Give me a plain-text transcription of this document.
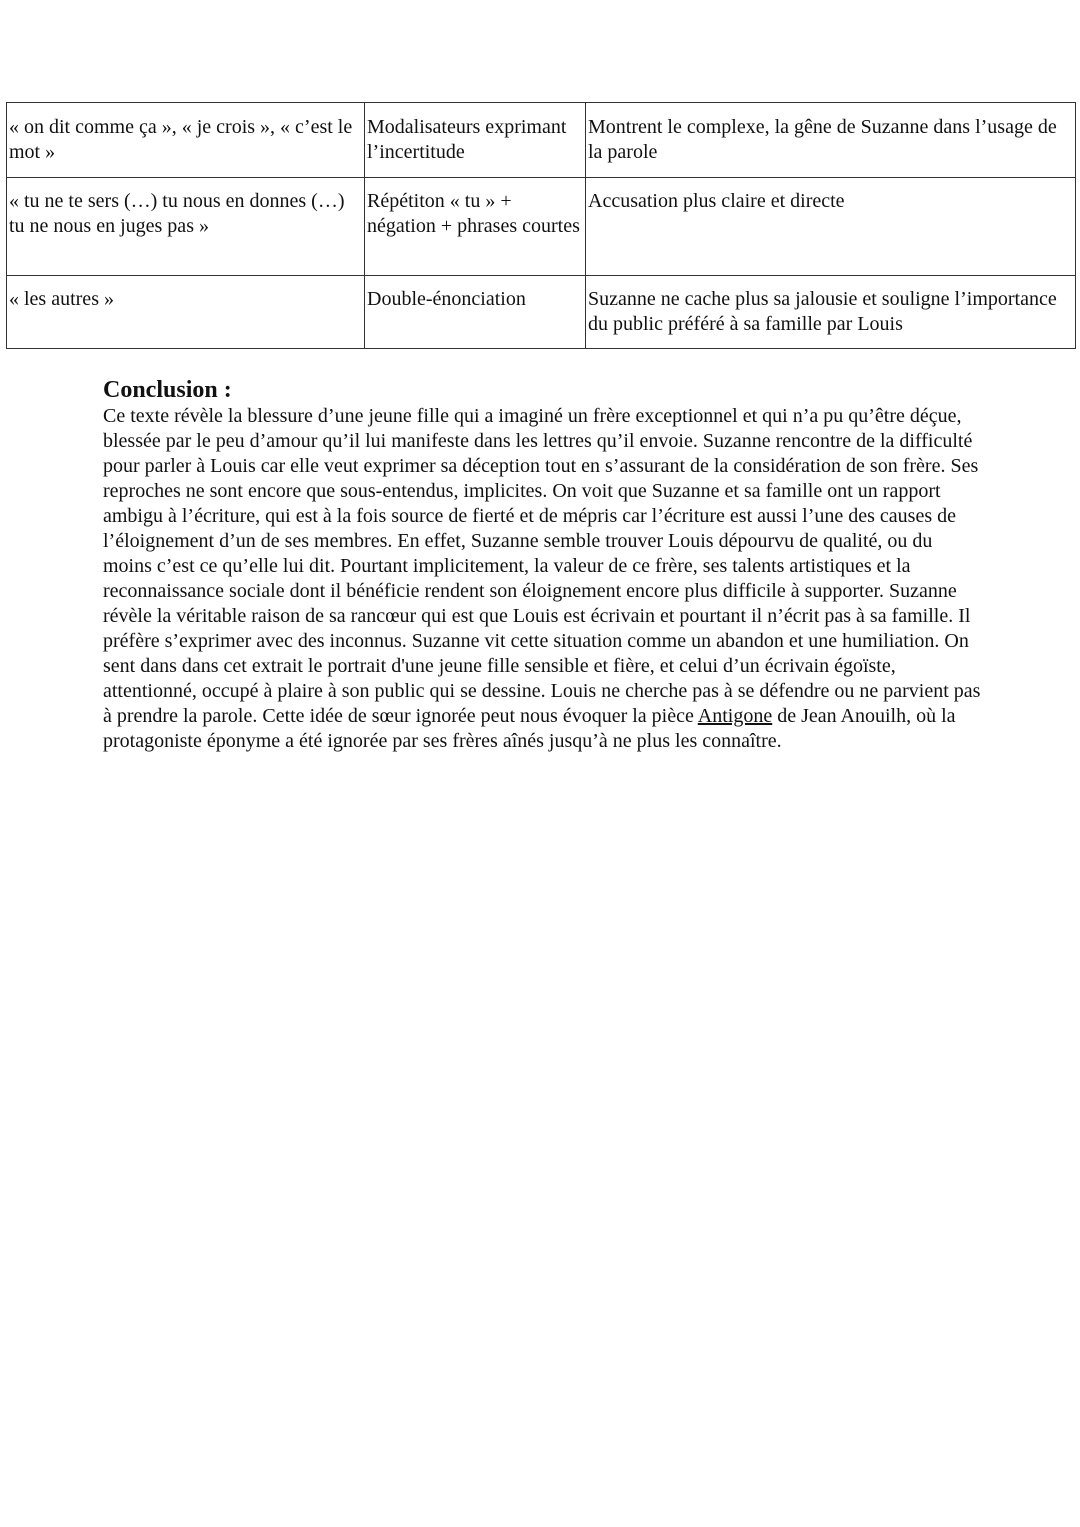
« on dit comme ça », « je crois », « c’est le mot »	Modalisateurs exprimant l’incertitude	Montrent le complexe, la gêne de Suzanne dans l’usage de la parole
« tu ne te sers (…) tu nous en donnes (…) tu ne nous en juges pas »	Répétiton « tu » + négation + phrases courtes	Accusation plus claire et directe
« les autres »	Double-énonciation	Suzanne ne cache plus sa jalousie et souligne l’importance du public préféré à sa famille par Louis
Conclusion :

Ce texte révèle la blessure d’une jeune fille qui a imaginé un frère exceptionnel et qui n’a pu qu’être déçue, blessée par le peu d’amour qu’il lui manifeste dans les lettres qu’il envoie. Suzanne rencontre de la difficulté pour parler à Louis car elle veut exprimer sa déception tout en s’assurant de la considération de son frère. Ses reproches ne sont encore que sous-entendus, implicites. On voit que Suzanne et sa famille ont un rapport ambigu à l’écriture, qui est à la fois source de fierté et de mépris car l’écriture est aussi l’une des causes de l’éloignement d’un de ses membres. En effet, Suzanne semble trouver Louis dépourvu de qualité, ou du moins c’est ce qu’elle lui dit. Pourtant implicitement, la valeur de ce frère, ses talents artistiques et la reconnaissance sociale dont il bénéficie rendent son éloignement encore plus difficile à supporter. Suzanne révèle la véritable raison de sa rancœur qui est que Louis est écrivain et pourtant il n’écrit pas à sa famille. Il préfère s’exprimer avec des inconnus. Suzanne vit cette situation comme un abandon et une humiliation. On sent dans dans cet extrait le portrait d'une jeune fille sensible et fière, et celui d’un écrivain égoïste, attentionné, occupé à plaire à son public qui se dessine. Louis ne cherche pas à se défendre ou ne parvient pas à prendre la parole. Cette idée de sœur ignorée peut nous évoquer la pièce Antigone de Jean Anouilh, où la protagoniste éponyme a été ignorée par ses frères aînés jusqu’à ne plus les connaître.
